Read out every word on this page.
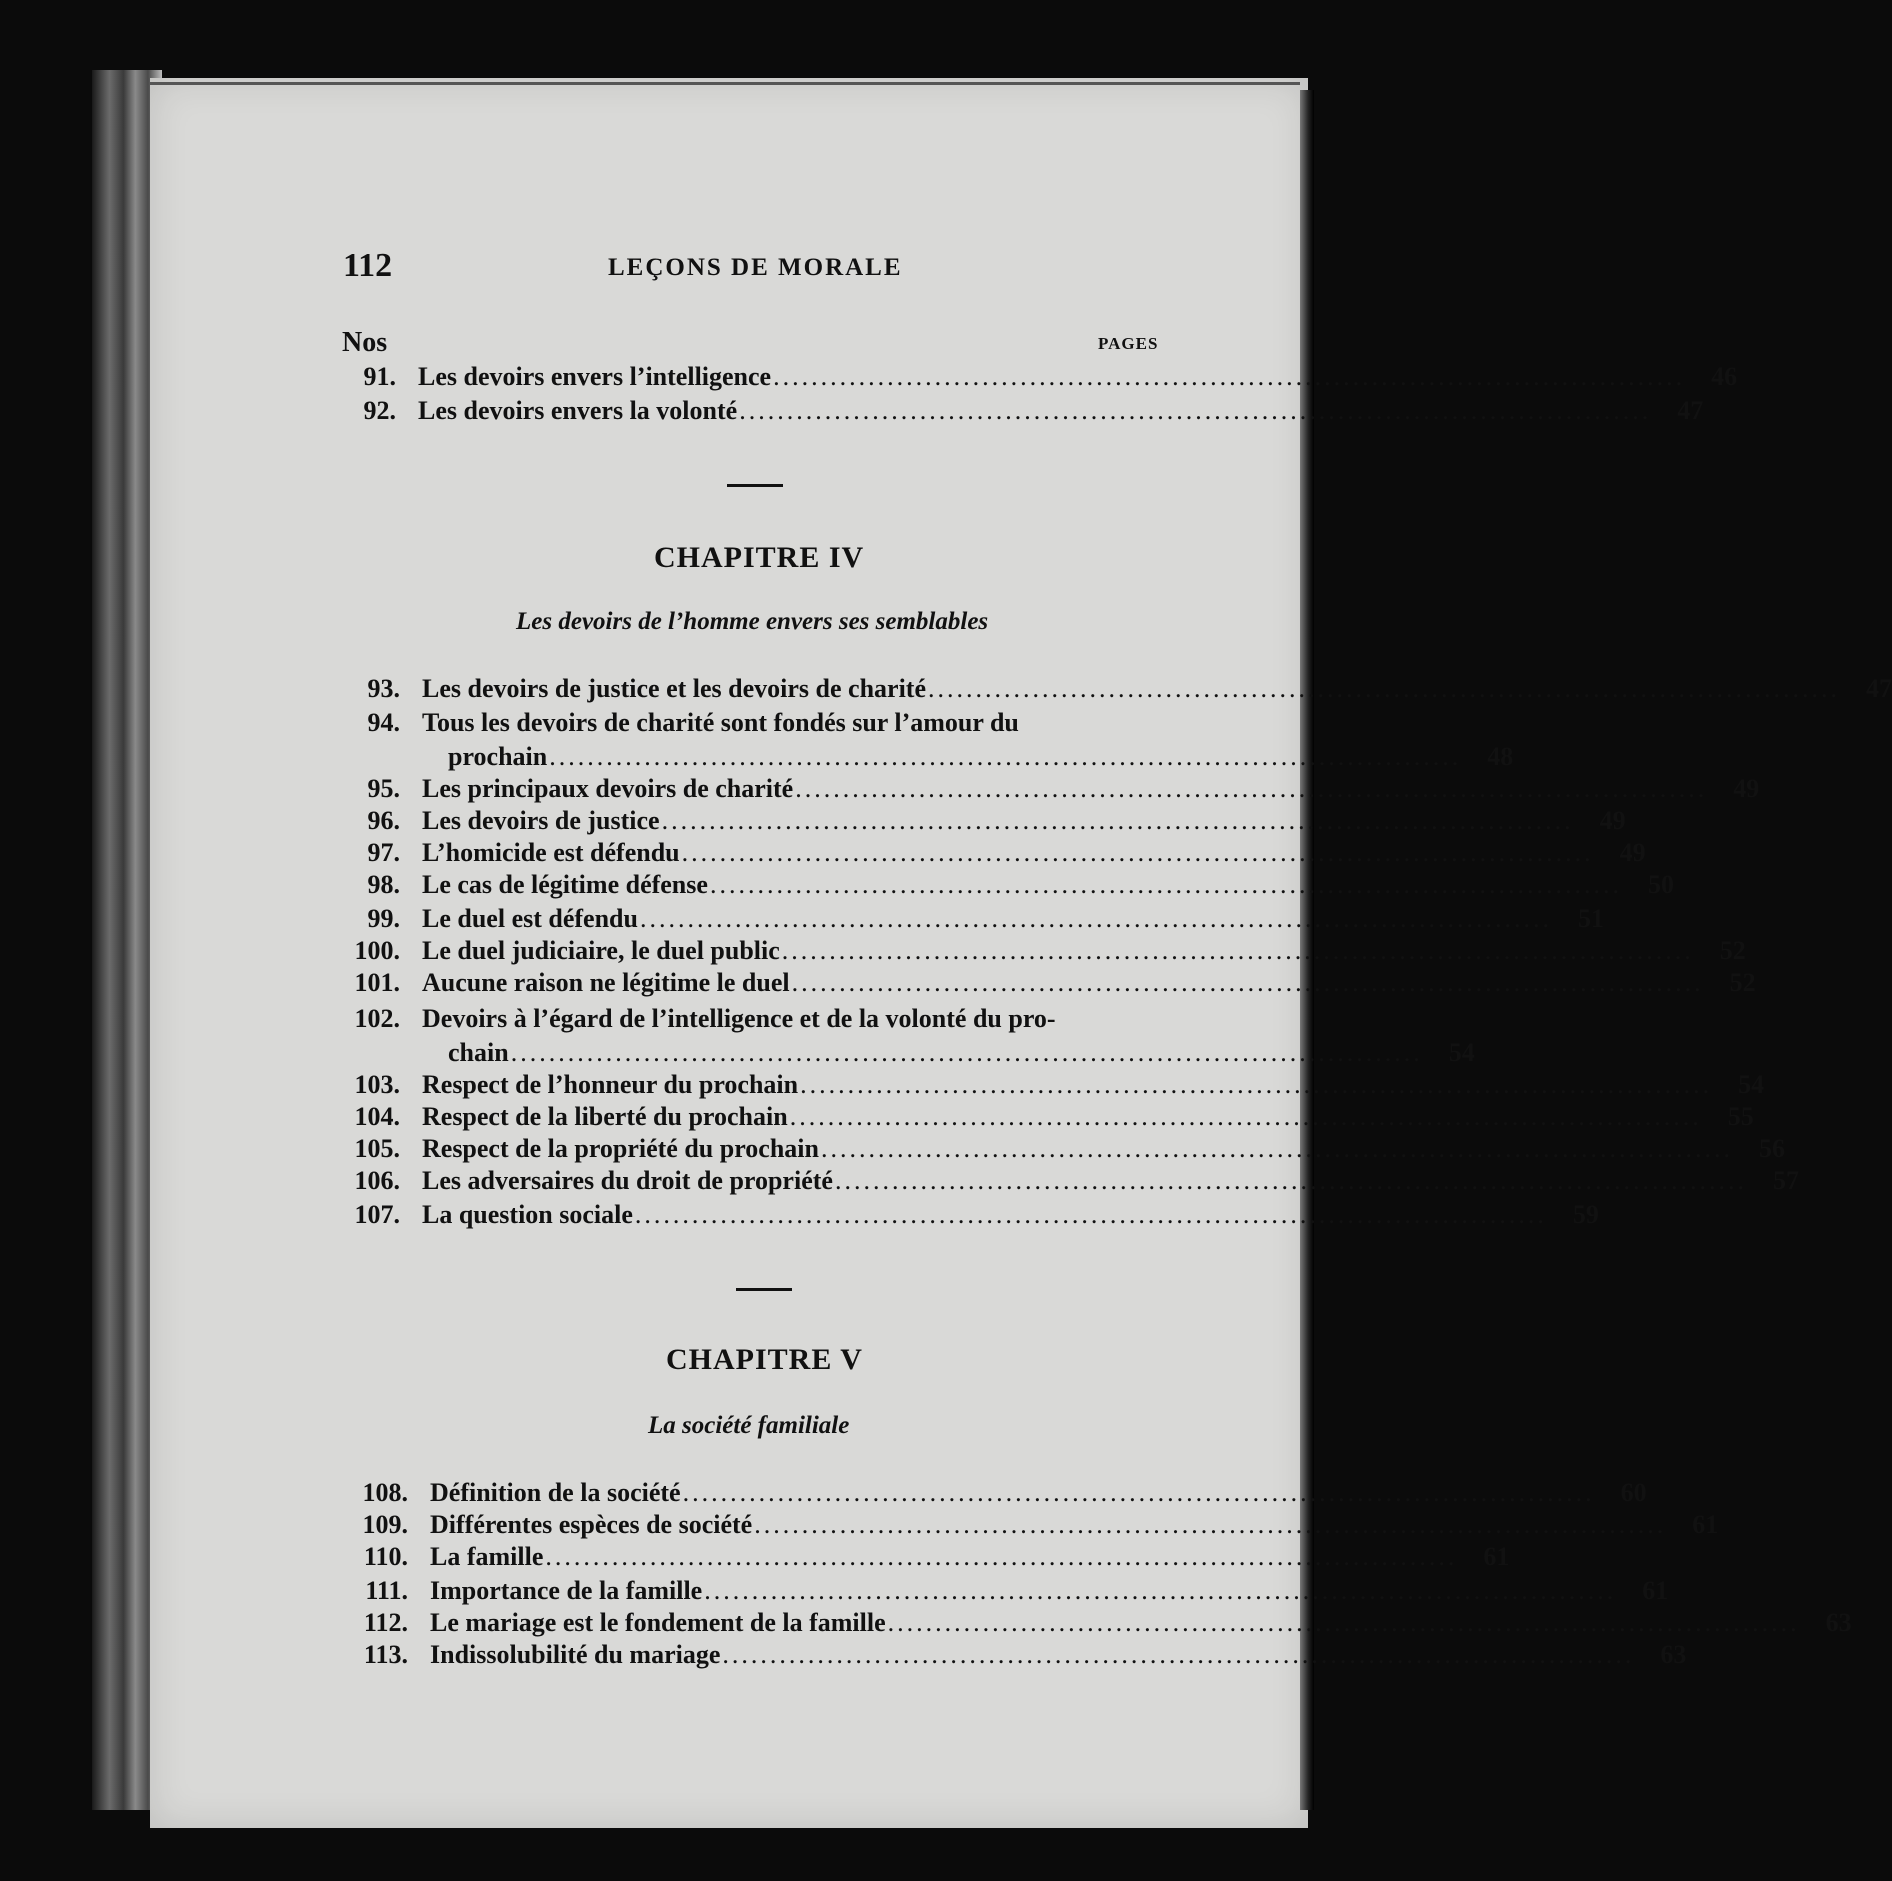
112	LEÇONS DE MORALE
Nos	PAGES
91. Les devoirs envers l’intelligence ................................................................................................	46
92. Les devoirs envers la volonté ................................................................................................	47
CHAPITRE IV
Les devoirs de l’homme envers ses semblables
93. Les devoirs de justice et les devoirs de charité ................................................................................................	47
94. Tous les devoirs de charité sont fondés sur l’amour du
prochain ................................................................................................	48
95. Les principaux devoirs de charité ................................................................................................	49
96. Les devoirs de justice ................................................................................................	49
97. L’homicide est défendu ................................................................................................	49
98. Le cas de légitime défense ................................................................................................	50
99. Le duel est défendu ................................................................................................	51
100. Le duel judiciaire, le duel public ................................................................................................	52
101. Aucune raison ne légitime le duel ................................................................................................	52
102. Devoirs à l’égard de l’intelligence et de la volonté du pro-
chain ................................................................................................	54
103. Respect de l’honneur du prochain ................................................................................................	54
104. Respect de la liberté du prochain ................................................................................................	55
105. Respect de la propriété du prochain ................................................................................................	56
106. Les adversaires du droit de propriété ................................................................................................	57
107. La question sociale ................................................................................................	59
CHAPITRE V
La société familiale
108. Définition de la société ................................................................................................	60
109. Différentes espèces de société ................................................................................................	61
110. La famille ................................................................................................	61
111. Importance de la famille ................................................................................................	61
112. Le mariage est le fondement de la famille ................................................................................................	63
113. Indissolubilité du mariage ................................................................................................	63
